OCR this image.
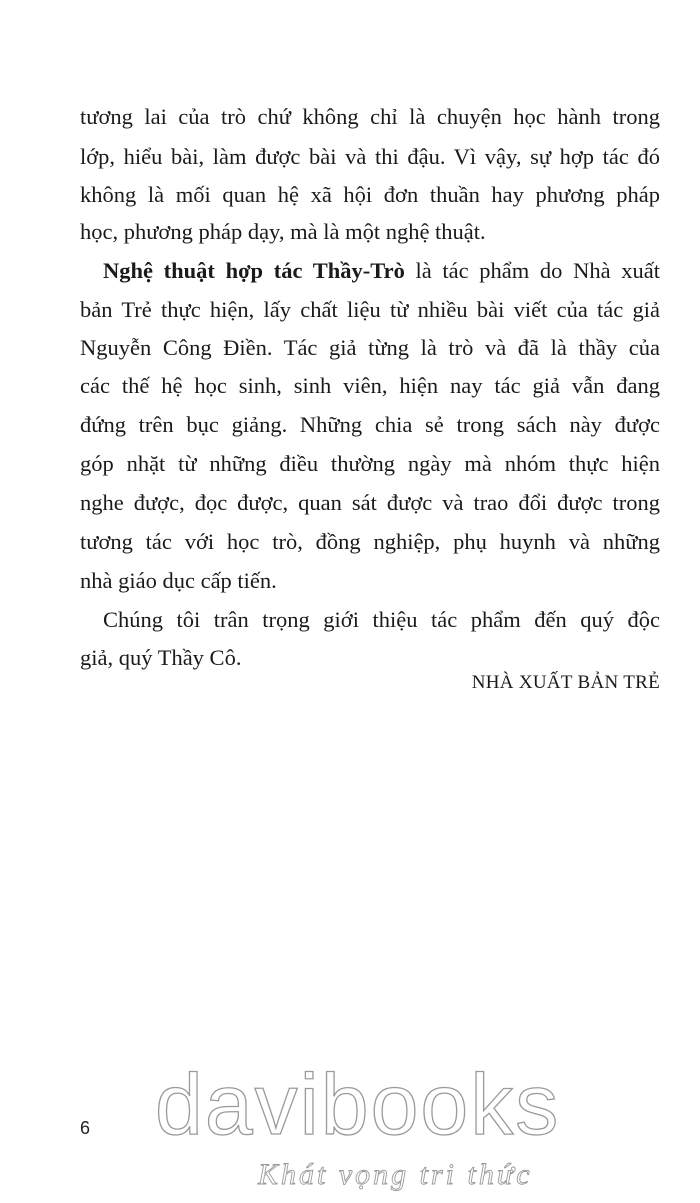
tương lai của trò chứ không chỉ là chuyện học hành trong
lớp, hiểu bài, làm được bài và thi đậu. Vì vậy, sự hợp tác đó
không là mối quan hệ xã hội đơn thuần hay phương pháp
học, phương pháp dạy, mà là một nghệ thuật.
Nghệ thuật hợp tác Thầy-Trò là tác phẩm do Nhà xuất
bản Trẻ thực hiện, lấy chất liệu từ nhiều bài viết của tác giả
Nguyễn Công Điền. Tác giả từng là trò và đã là thầy của
các thế hệ học sinh, sinh viên, hiện nay tác giả vẫn đang
đứng trên bục giảng. Những chia sẻ trong sách này được
góp nhặt từ những điều thường ngày mà nhóm thực hiện
nghe được, đọc được, quan sát được và trao đổi được trong
tương tác với học trò, đồng nghiệp, phụ huynh và những
nhà giáo dục cấp tiến.
Chúng tôi trân trọng giới thiệu tác phẩm đến quý độc
giả, quý Thầy Cô.
NHÀ XUẤT BẢN TRẺ
6 davibooks
Khát vọng tri thức
